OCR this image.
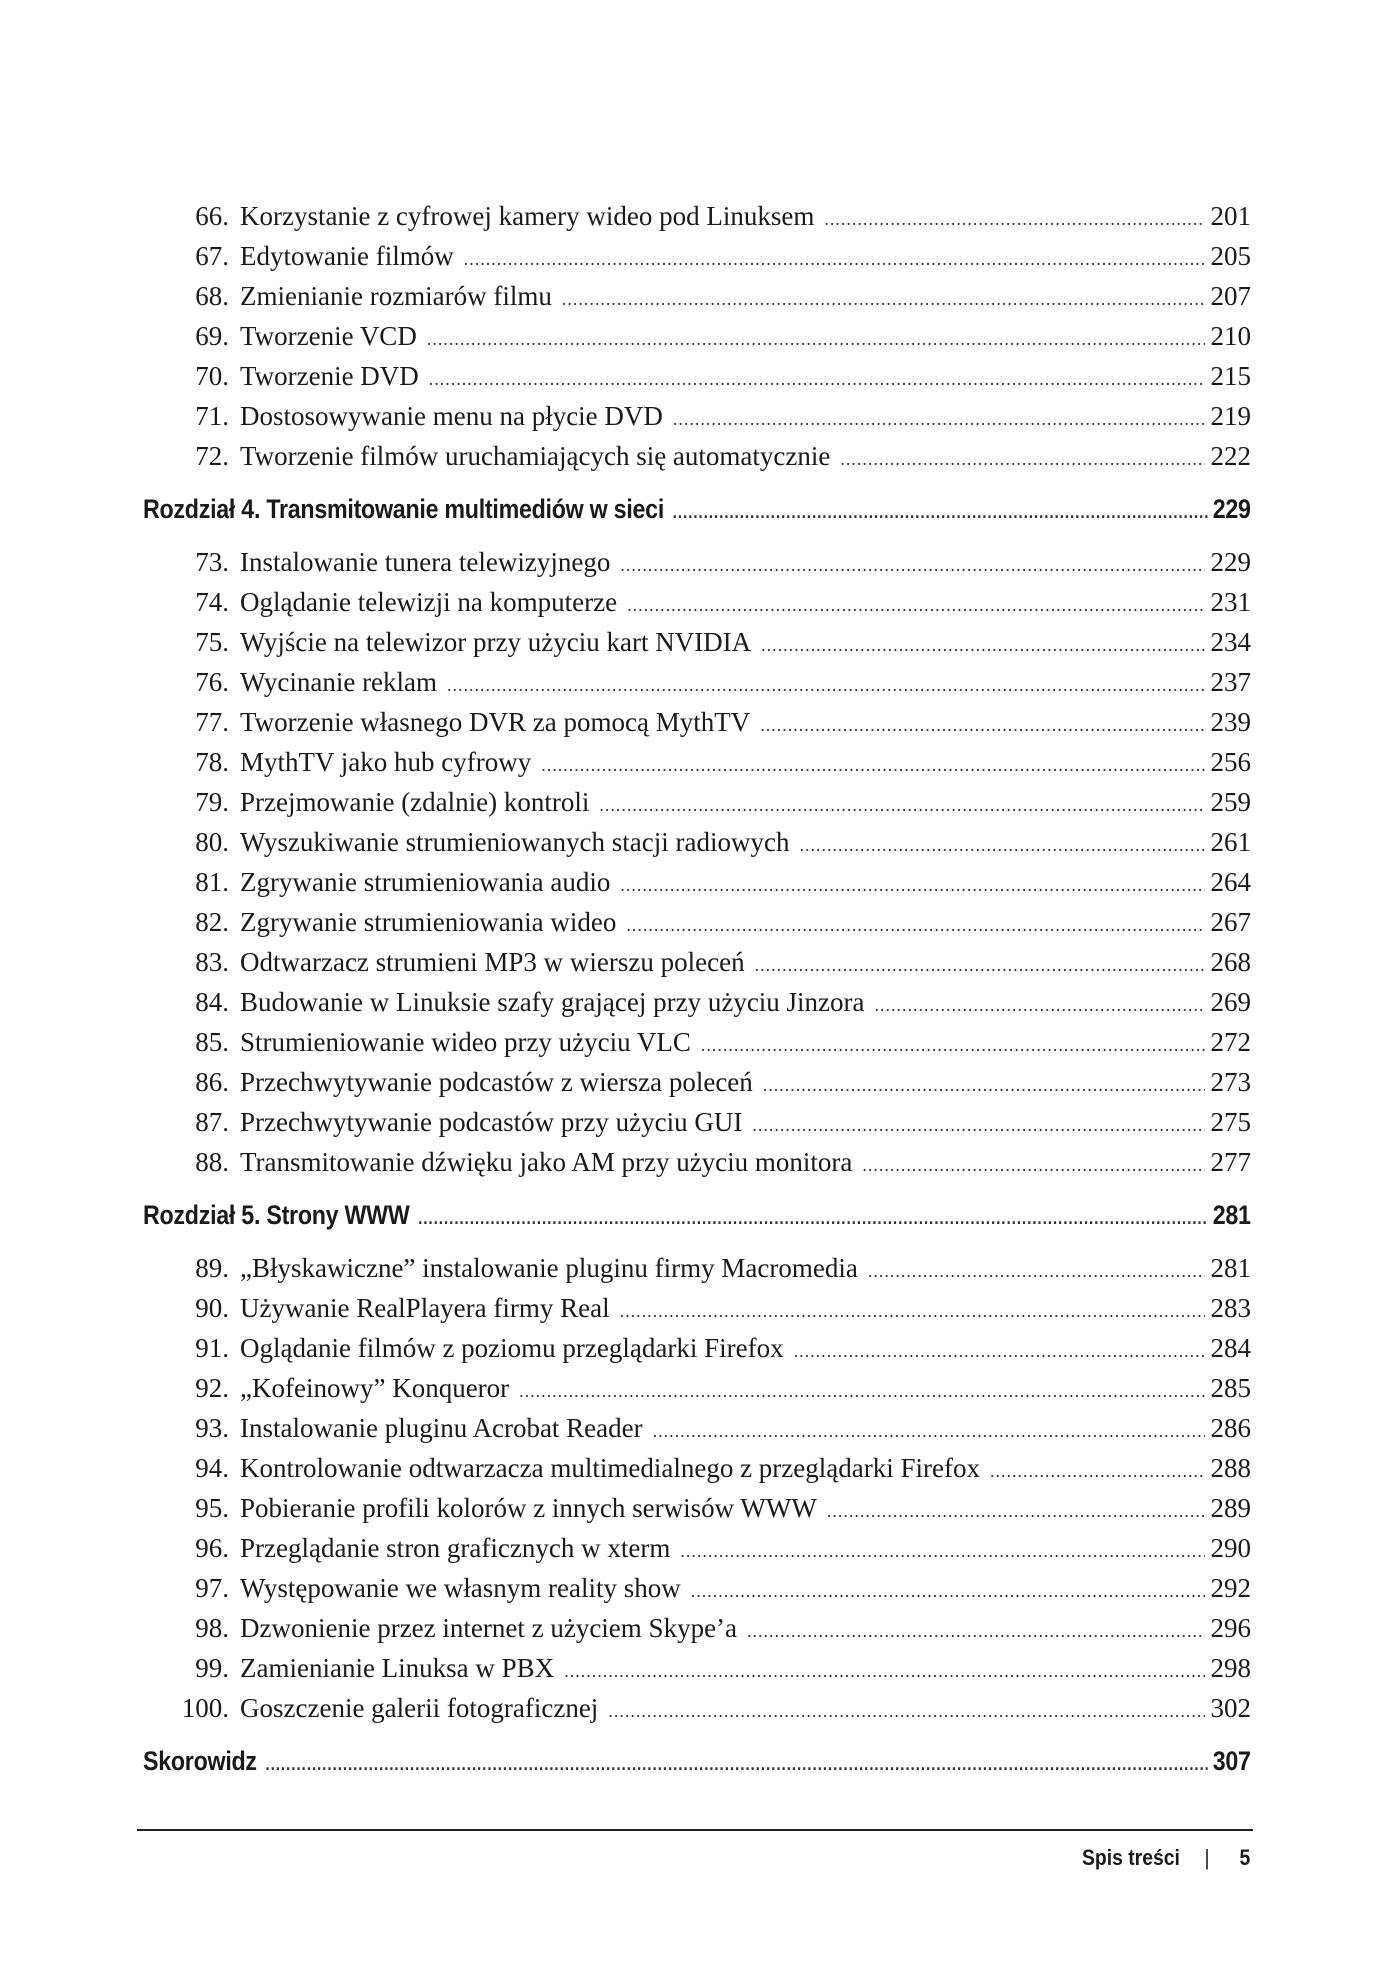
66. Korzystanie z cyfrowej kamery wideo pod Linuksem .....	201
67. Edytowanie filmów .....	205
68. Zmienianie rozmiarów filmu .....	207
69. Tworzenie VCD .....	210
70. Tworzenie DVD .....	215
71. Dostosowywanie menu na płycie DVD .....	219
72. Tworzenie filmów uruchamiających się automatycznie .....	222
Rozdział 4. Transmitowanie multimediów w sieci .....	229
73. Instalowanie tunera telewizyjnego .....	229
74. Oglądanie telewizji na komputerze .....	231
75. Wyjście na telewizor przy użyciu kart NVIDIA .....	234
76. Wycinanie reklam .....	237
77. Tworzenie własnego DVR za pomocą MythTV .....	239
78. MythTV jako hub cyfrowy .....	256
79. Przejmowanie (zdalnie) kontroli .....	259
80. Wyszukiwanie strumieniowanych stacji radiowych .....	261
81. Zgrywanie strumieniowania audio .....	264
82. Zgrywanie strumieniowania wideo .....	267
83. Odtwarzacz strumieni MP3 w wierszu poleceń .....	268
84. Budowanie w Linuksie szafy grającej przy użyciu Jinzora .....	269
85. Strumieniowanie wideo przy użyciu VLC .....	272
86. Przechwytywanie podcastów z wiersza poleceń .....	273
87. Przechwytywanie podcastów przy użyciu GUI .....	275
88. Transmitowanie dźwięku jako AM przy użyciu monitora .....	277
Rozdział 5. Strony WWW .....	281
89. „Błyskawiczne” instalowanie pluginu firmy Macromedia .....	281
90. Używanie RealPlayera firmy Real .....	283
91. Oglądanie filmów z poziomu przeglądarki Firefox .....	284
92. „Kofeinowy” Konqueror .....	285
93. Instalowanie pluginu Acrobat Reader .....	286
94. Kontrolowanie odtwarzacza multimedialnego z przeglądarki Firefox .....	288
95. Pobieranie profili kolorów z innych serwisów WWW .....	289
96. Przeglądanie stron graficznych w xterm .....	290
97. Występowanie we własnym reality show .....	292
98. Dzwonienie przez internet z użyciem Skype’a .....	296
99. Zamienianie Linuksa w PBX .....	298
100. Goszczenie galerii fotograficznej .....	302
Skorowidz .....	307
Spis treści | 5
